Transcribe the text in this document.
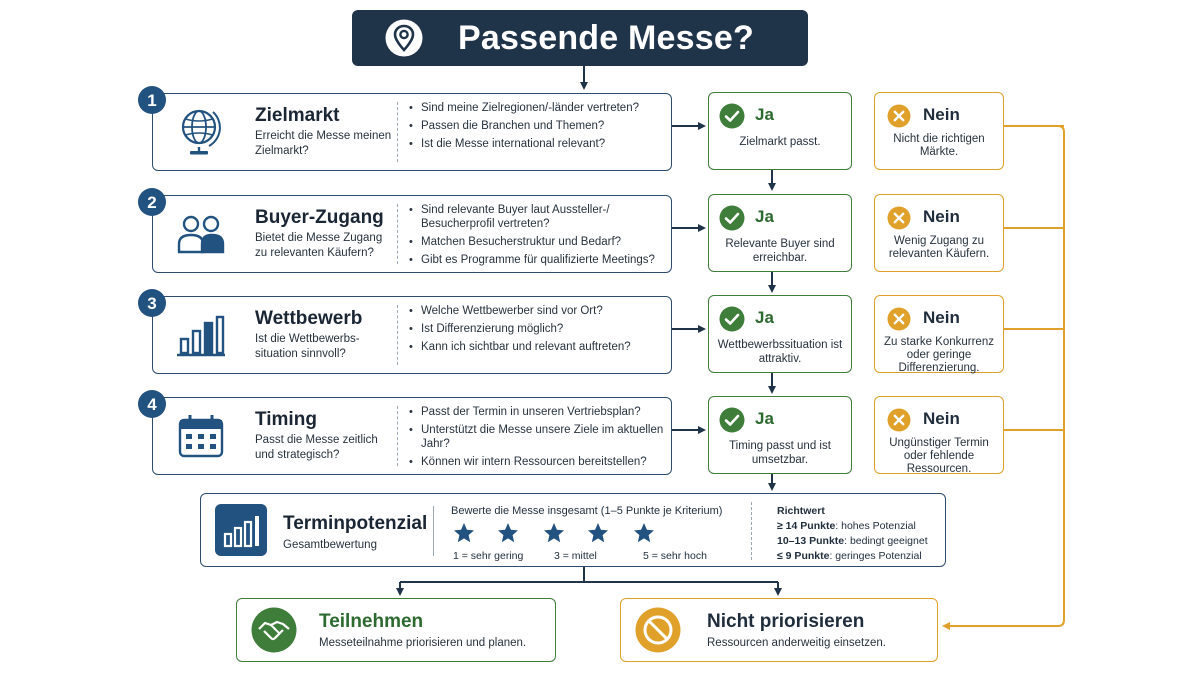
Passende Messe?
Zielmarkt
Erreicht die Messe meinen Zielmarkt?
• Sind meine Zielregionen/-länder vertreten?
• Passen die Branchen und Themen?
• Ist die Messe international relevant?
1
Buyer-Zugang
Bietet die Messe Zugang zu relevanten Käufern?
• Sind relevante Buyer laut Aussteller-/ Besucherprofil vertreten?
• Matchen Besucherstruktur und Bedarf?
• Gibt es Programme für qualifizierte Meetings?
2
Wettbewerb
Ist die Wettbewerbs-situation sinnvoll?
• Welche Wettbewerber sind vor Ort?
• Ist Differenzierung möglich?
• Kann ich sichtbar und relevant auftreten?
3
Timing
Passt die Messe zeitlich und strategisch?
• Passt der Termin in unseren Vertriebsplan?
• Unterstützt die Messe unsere Ziele im aktuellen Jahr?
• Können wir intern Ressourcen bereitstellen?
4
Ja
Zielmarkt passt.
Ja
Relevante Buyer sind erreichbar.
Ja
Wettbewerbssituation ist attraktiv.
Ja
Timing passt und ist umsetzbar.
Nein
Nicht die richtigen Märkte.
Nein
Wenig Zugang zu relevanten Käufern.
Nein
Zu starke Konkurrenz oder geringe Differenzierung.
Nein
Ungünstiger Termin oder fehlende Ressourcen.
Terminpotenzial
Gesamtbewertung
Bewerte die Messe insgesamt (1–5 Punkte je Kriterium)
1 = sehr gering	3 = mittel	5 = sehr hoch
Richtwert
≥ 14 Punkte: hohes Potenzial
10–13 Punkte: bedingt geeignet
≤ 9 Punkte: geringes Potenzial
Teilnehmen
Messeteilnahme priorisieren und planen.
Nicht priorisieren
Ressourcen anderweitig einsetzen.
